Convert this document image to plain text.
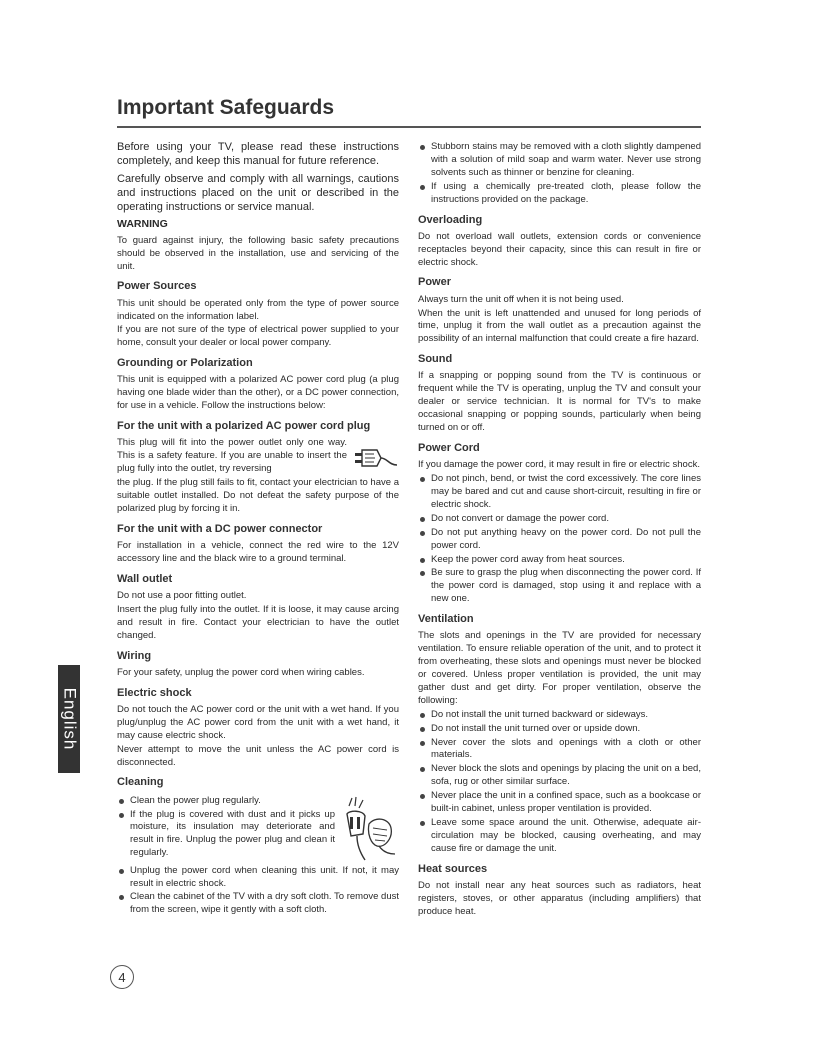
Important Safeguards

Before using your TV, please read these instructions completely, and keep this manual for future reference.

Carefully observe and comply with all warnings, cautions and instructions placed on the unit or described in the operating instructions or service manual.

WARNING

To guard against injury, the following basic safety precautions should be observed in the installation, use and servicing of the unit.

Power Sources

This unit should be operated only from the type of power source indicated on the information label.

If you are not sure of the type of electrical power supplied to your home, consult your dealer or local power company.

Grounding or Polarization

This unit is equipped with a polarized AC power cord plug (a plug having one blade wider than the other), or a DC power connection, for use in a vehicle. Follow the instructions below:

For the unit with a polarized AC power cord plug

This plug will fit into the power outlet only one way. This is a safety feature. If you are unable to insert the plug fully into the outlet, try reversing

the plug. If the plug still fails to fit, contact your electrician to have a suitable outlet installed. Do not defeat the safety purpose of the polarized plug by forcing it in.

For the unit with a DC power connector

For installation in a vehicle, connect the red wire to the 12V accessory line and the black wire to a ground terminal.

Wall outlet

Do not use a poor fitting outlet.

Insert the plug fully into the outlet. If it is loose, it may cause arcing and result in fire. Contact your electrician to have the outlet changed.

Wiring

For your safety, unplug the power cord when wiring cables.

Electric shock

Do not touch the AC power cord or the unit with a wet hand. If you plug/unplug the AC power cord from the unit with a wet hand, it may cause electric shock.

Never attempt to move the unit unless the AC power cord is disconnected.

Cleaning
Clean the power plug regularly.
If the plug is covered with dust and it picks up moisture, its insulation may deteriorate and result in fire. Unplug the power plug and clean it regularly.
Unplug the power cord when cleaning this unit. If not, it may result in electric shock.
Clean the cabinet of the TV with a dry soft cloth. To remove dust from the screen, wipe it gently with a soft cloth.
Stubborn stains may be removed with a cloth slightly dampened with a solution of mild soap and warm water. Never use strong solvents such as thinner or benzine for cleaning.
If using a chemically pre-treated cloth, please follow the instructions provided on the package.
Overloading

Do not overload wall outlets, extension cords or convenience receptacles beyond their capacity, since this can result in fire or electric shock.

Power

Always turn the unit off when it is not being used.

When the unit is left unattended and unused for long periods of time, unplug it from the wall outlet as a precaution against the possibility of an internal malfunction that could create a fire hazard.

Sound

If a snapping or popping sound from the TV is continuous or frequent while the TV is operating, unplug the TV and consult your dealer or service technician. It is normal for TV's to make occasional snapping or popping sounds, particularly when being turned on or off.

Power Cord

If you damage the power cord, it may result in fire or electric shock.

Do not pinch, bend, or twist the cord excessively. The core lines may be bared and cut and cause short-circuit, resulting in fire or electric shock.
Do not convert or damage the power cord.
Do not put anything heavy on the power cord. Do not pull the power cord.
Keep the power cord away from heat sources.
Be sure to grasp the plug when disconnecting the power cord. If the power cord is damaged, stop using it and replace with a new one.
Ventilation

The slots and openings in the TV are provided for necessary ventilation. To ensure reliable operation of the unit, and to protect it from overheating, these slots and openings must never be blocked or covered. Unless proper ventilation is provided, the unit may gather dust and get dirty. For proper ventilation, observe the following:

Do not install the unit turned backward or sideways.
Do not install the unit turned over or upside down.
Never cover the slots and openings with a cloth or other materials.
Never block the slots and openings by placing the unit on a bed, sofa, rug or other similar surface.
Never place the unit in a confined space, such as a bookcase or built-in cabinet, unless proper ventilation is provided.
Leave some space around the unit. Otherwise, adequate air-circulation may be blocked, causing overheating, and may cause fire or damage the unit.
Heat sources

Do not install near any heat sources such as radiators, heat registers, stoves, or other apparatus (including amplifiers) that produce heat.

English
4
